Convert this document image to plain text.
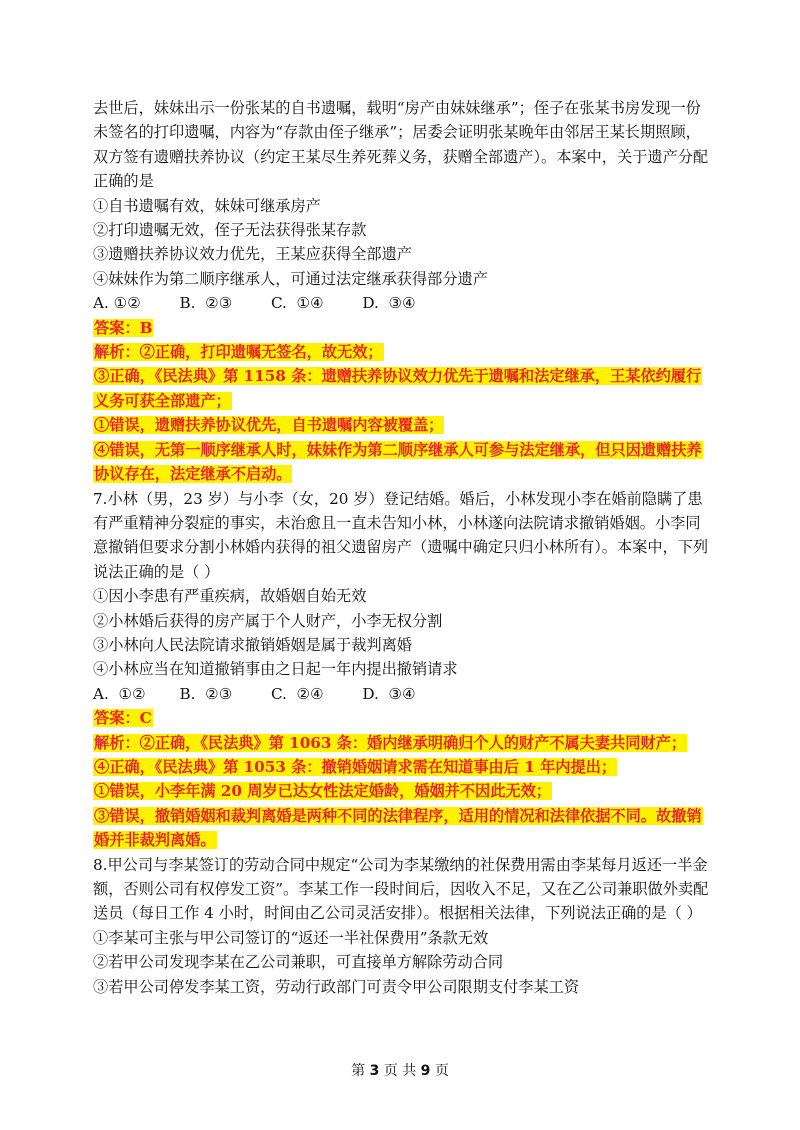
去世后，妹妹出示一份张某的自书遗嘱，载明“房产由妹妹继承”；侄子在张某书房发现一份未签名的打印遗嘱，内容为“存款由侄子继承”；居委会证明张某晚年由邻居王某长期照顾，双方签有遗赠扶养协议（约定王某尽生养死葬义务，获赠全部遗产）。本案中，关于遗产分配正确的是

①自书遗嘱有效，妹妹可继承房产

②打印遗嘱无效，侄子无法获得张某存款

③遗赠扶养协议效力优先，王某应获得全部遗产

④妹妹作为第二顺序继承人，可通过法定继承获得部分遗产

A. ①②        B.  ②③        C.  ①④        D.  ③④

答案：B

解析：②正确，打印遗嘱无签名，故无效；

③正确，《民法典》第 1158 条：遗赠扶养协议效力优先于遗嘱和法定继承，王某依约履行义务可获全部遗产；

①错误，遗赠扶养协议优先，自书遗嘱内容被覆盖；

④错误，无第一顺序继承人时，妹妹作为第二顺序继承人可参与法定继承，但只因遗赠扶养协议存在，法定继承不启动。

7.小林（男，23 岁）与小李（女，20 岁）登记结婚。婚后，小林发现小李在婚前隐瞒了患有严重精神分裂症的事实，未治愈且一直未告知小林，小林遂向法院请求撤销婚姻。小李同意撤销但要求分割小林婚内获得的祖父遗留房产（遗嘱中确定只归小林所有）。本案中，下列说法正确的是（ ）

①因小李患有严重疾病，故婚姻自始无效

②小林婚后获得的房产属于个人财产，小李无权分割

③小林向人民法院请求撤销婚姻是属于裁判离婚

④小林应当在知道撤销事由之日起一年内提出撤销请求

A.  ①②       B.  ②③        C.  ②④        D.  ③④

答案：C

解析：②正确，《民法典》第 1063 条：婚内继承明确归个人的财产不属夫妻共同财产；

④正确，《民法典》第 1053 条：撤销婚姻请求需在知道事由后 1 年内提出；

①错误，小李年满 20 周岁已达女性法定婚龄，婚姻并不因此无效；

③错误，撤销婚姻和裁判离婚是两种不同的法律程序，适用的情况和法律依据不同。故撤销婚并非裁判离婚。

8.甲公司与李某签订的劳动合同中规定“公司为李某缴纳的社保费用需由李某每月返还一半金额，否则公司有权停发工资”。李某工作一段时间后，因收入不足，又在乙公司兼职做外卖配送员（每日工作 4 小时，时间由乙公司灵活安排）。根据相关法律，下列说法正确的是（ ）

①李某可主张与甲公司签订的“返还一半社保费用”条款无效

②若甲公司发现李某在乙公司兼职，可直接单方解除劳动合同

③若甲公司停发李某工资，劳动行政部门可责令甲公司限期支付李某工资

第 3 页 共 9 页
